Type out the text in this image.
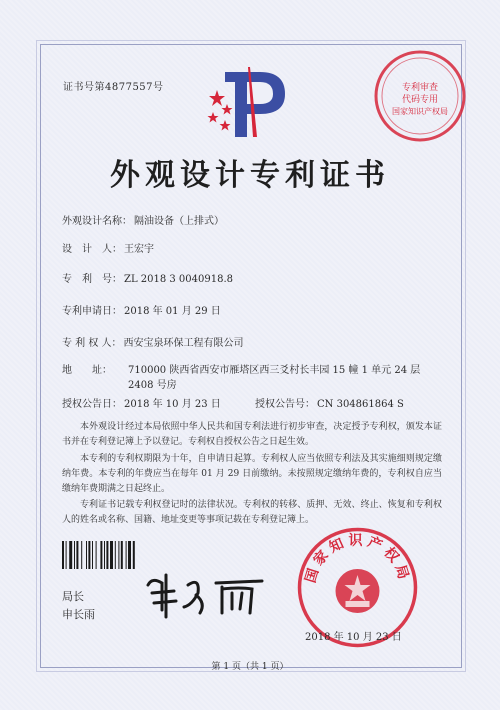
证书号第4877557号	专利审查
代码专用
国家知识产权局
外观设计专利证书
外观设计名称： 隔油设备（上排式）
设　计　人： 王宏宇
专　利　号： ZL 2018 3 0040918.8
专利申请日： 2018 年 01 月 29 日
专 利 权 人： 西安宝泉环保工程有限公司
地　　址： 710000 陕西省西安市雁塔区西三爻村长丰园 15 幢 1 单元 24 层 2408 号房
授权公告日： 2018 年 10 月 23 日	授权公告号： CN 304861864 S
本外观设计经过本局依照中华人民共和国专利法进行初步审查，决定授予专利权，颁发本证书并在专利登记簿上予以登记。专利权自授权公告之日起生效。
本专利的专利权期限为十年，自申请日起算。专利权人应当依照专利法及其实施细则规定缴纳年费。本专利的年费应当在每年 01 月 29 日前缴纳。未按照规定缴纳年费的，专利权自应当缴纳年费期满之日起终止。
专利证书记载专利权登记时的法律状况。专利权的转移、质押、无效、终止、恢复和专利权人的姓名或名称、国籍、地址变更等事项记载在专利登记簿上。
局长
申长雨
国家知识产权局
2018 年 10 月 23 日
第 1 页（共 1 页）
